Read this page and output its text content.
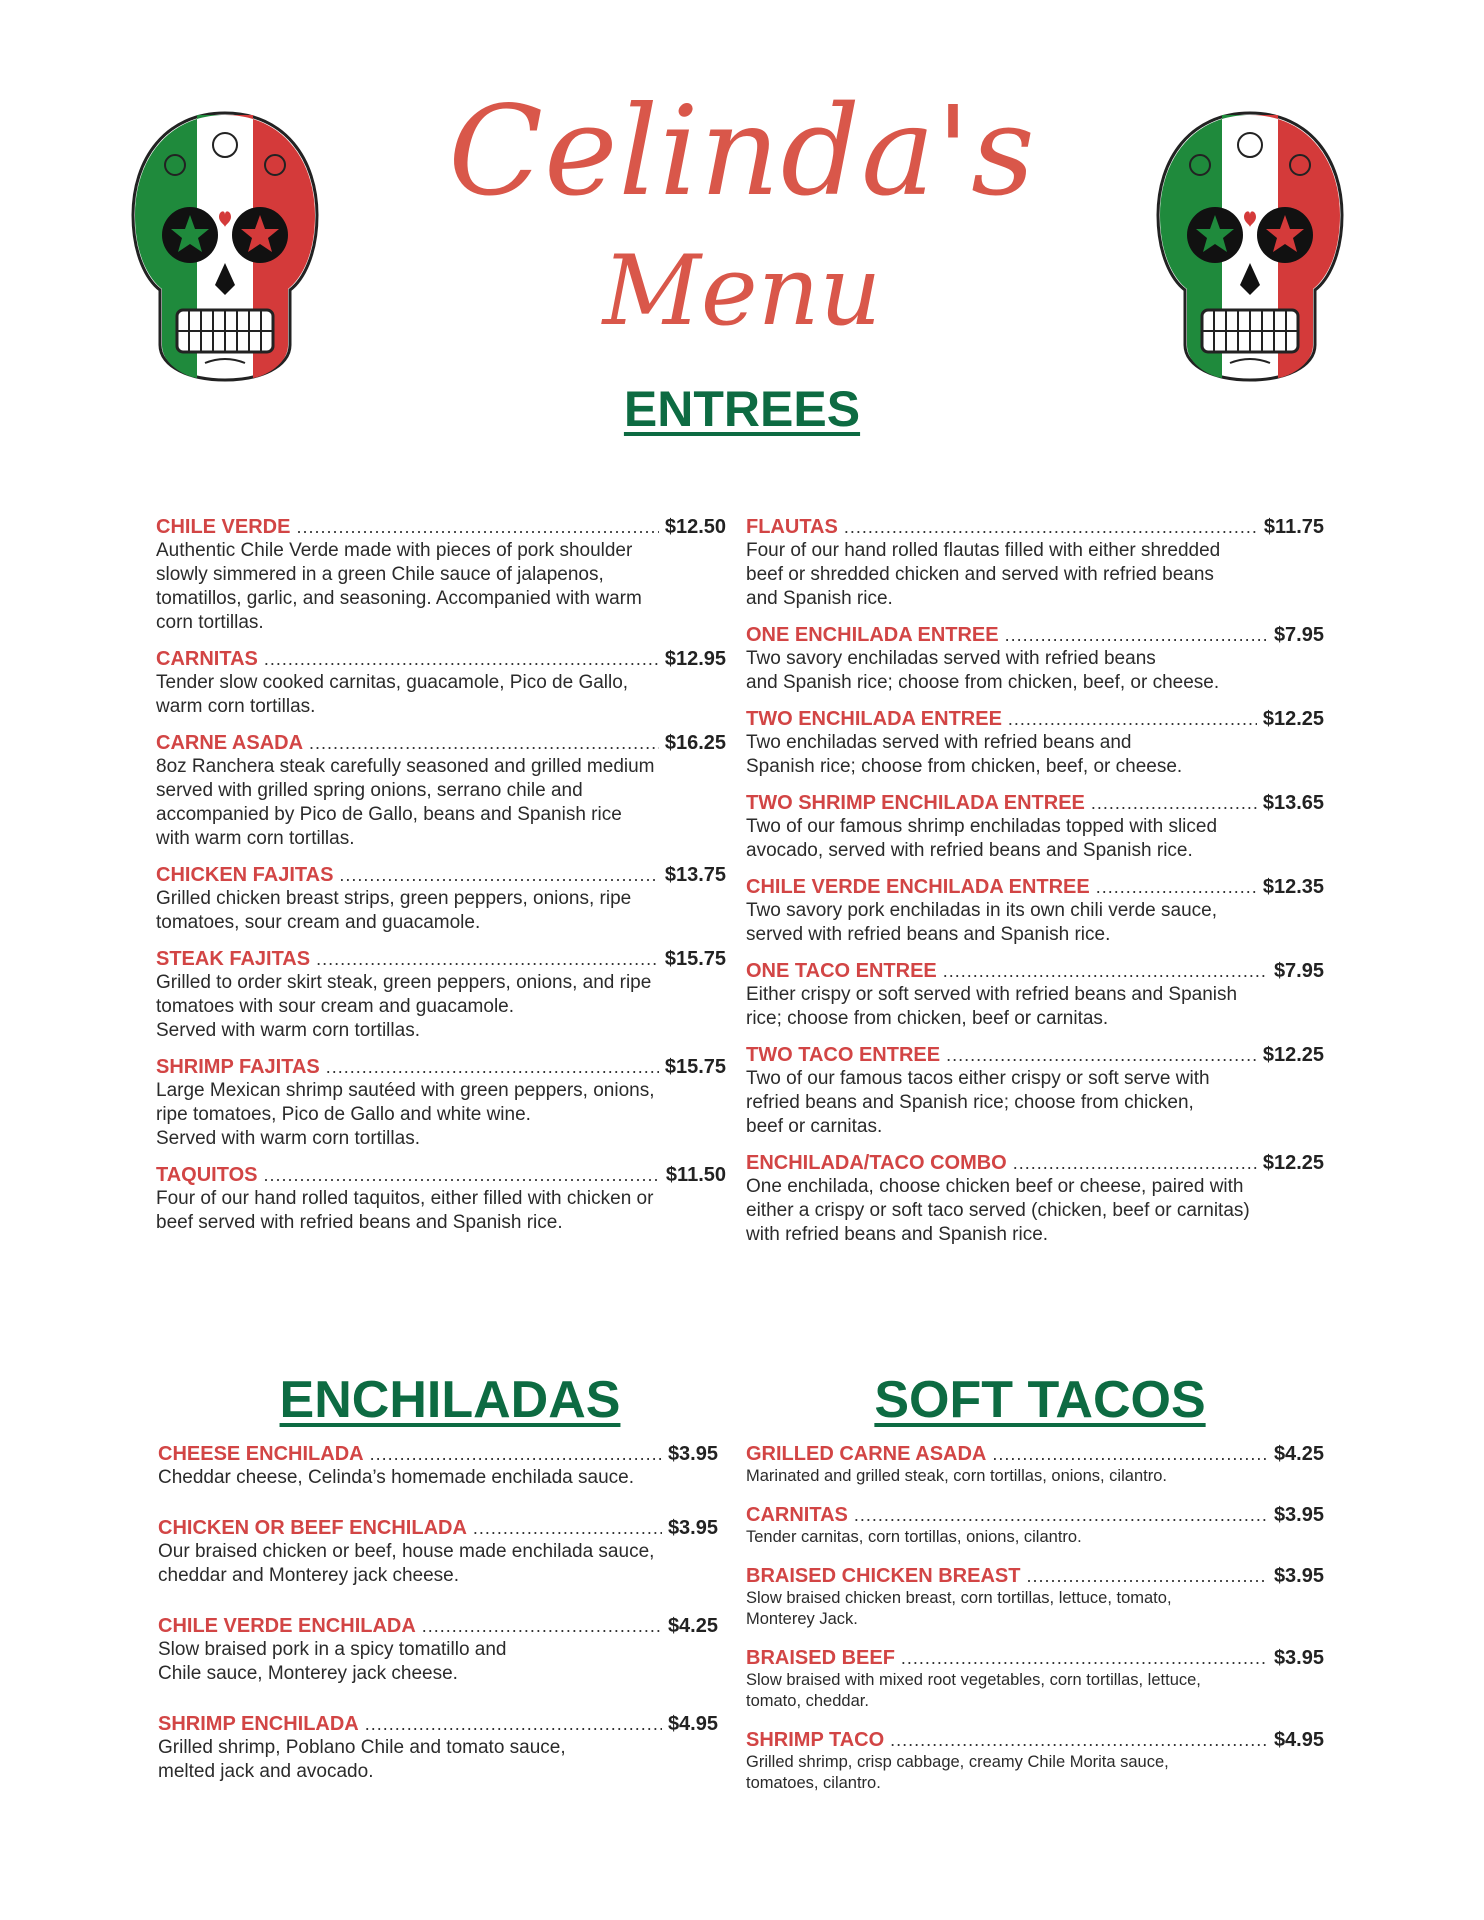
Celinda's
Menu
ENTREES
CHILE VERDE .....	$12.50
Authentic Chile Verde made with pieces of pork shoulder
slowly simmered in a green Chile sauce of jalapenos,
tomatillos, garlic, and seasoning. Accompanied with warm
corn tortillas.
CARNITAS .....	$12.95
Tender slow cooked carnitas, guacamole, Pico de Gallo,
warm corn tortillas.
CARNE ASADA .....	$16.25
8oz Ranchera steak carefully seasoned and grilled medium
served with grilled spring onions, serrano chile and
accompanied by Pico de Gallo, beans and Spanish rice
with warm corn tortillas.
CHICKEN FAJITAS .....	$13.75
Grilled chicken breast strips, green peppers, onions, ripe
tomatoes, sour cream and guacamole.
STEAK FAJITAS .....	$15.75
Grilled to order skirt steak, green peppers, onions, and ripe
tomatoes with sour cream and guacamole.
Served with warm corn tortillas.
SHRIMP FAJITAS .....	$15.75
Large Mexican shrimp sautéed with green peppers, onions,
ripe tomatoes, Pico de Gallo and white wine.
Served with warm corn tortillas.
TAQUITOS .....	$11.50
Four of our hand rolled taquitos, either filled with chicken or
beef served with refried beans and Spanish rice.
FLAUTAS .....	$11.75
Four of our hand rolled flautas filled with either shredded
beef or shredded chicken and served with refried beans
and Spanish rice.
ONE ENCHILADA ENTREE .....	$7.95
Two savory enchiladas served with refried beans
and Spanish rice; choose from chicken, beef, or cheese.
TWO ENCHILADA ENTREE .....	$12.25
Two enchiladas served with refried beans and
Spanish rice; choose from chicken, beef, or cheese.
TWO SHRIMP ENCHILADA ENTREE .....	$13.65
Two of our famous shrimp enchiladas topped with sliced
avocado, served with refried beans and Spanish rice.
CHILE VERDE ENCHILADA ENTREE .....	$12.35
Two savory pork enchiladas in its own chili verde sauce,
served with refried beans and Spanish rice.
ONE TACO ENTREE .....	$7.95
Either crispy or soft served with refried beans and Spanish
rice; choose from chicken, beef or carnitas.
TWO TACO ENTREE .....	$12.25
Two of our famous tacos either crispy or soft serve with
refried beans and Spanish rice; choose from chicken,
beef or carnitas.
ENCHILADA/TACO COMBO .....	$12.25
One enchilada, choose chicken beef or cheese, paired with
either a crispy or soft taco served (chicken, beef or carnitas)
with refried beans and Spanish rice.
ENCHILADAS	SOFT TACOS
CHEESE ENCHILADA .....	$3.95
Cheddar cheese, Celinda’s homemade enchilada sauce.
CHICKEN OR BEEF ENCHILADA .....	$3.95
Our braised chicken or beef, house made enchilada sauce,
cheddar and Monterey jack cheese.
CHILE VERDE ENCHILADA .....	$4.25
Slow braised pork in a spicy tomatillo and
Chile sauce, Monterey jack cheese.
SHRIMP ENCHILADA .....	$4.95
Grilled shrimp, Poblano Chile and tomato sauce,
melted jack and avocado.
GRILLED CARNE ASADA .....	$4.25
Marinated and grilled steak, corn tortillas, onions, cilantro.
CARNITAS .....	$3.95
Tender carnitas, corn tortillas, onions, cilantro.
BRAISED CHICKEN BREAST .....	$3.95
Slow braised chicken breast, corn tortillas, lettuce, tomato,
Monterey Jack.
BRAISED BEEF .....	$3.95
Slow braised with mixed root vegetables, corn tortillas, lettuce,
tomato, cheddar.
SHRIMP TACO .....	$4.95
Grilled shrimp, crisp cabbage, creamy Chile Morita sauce,
tomatoes, cilantro.
